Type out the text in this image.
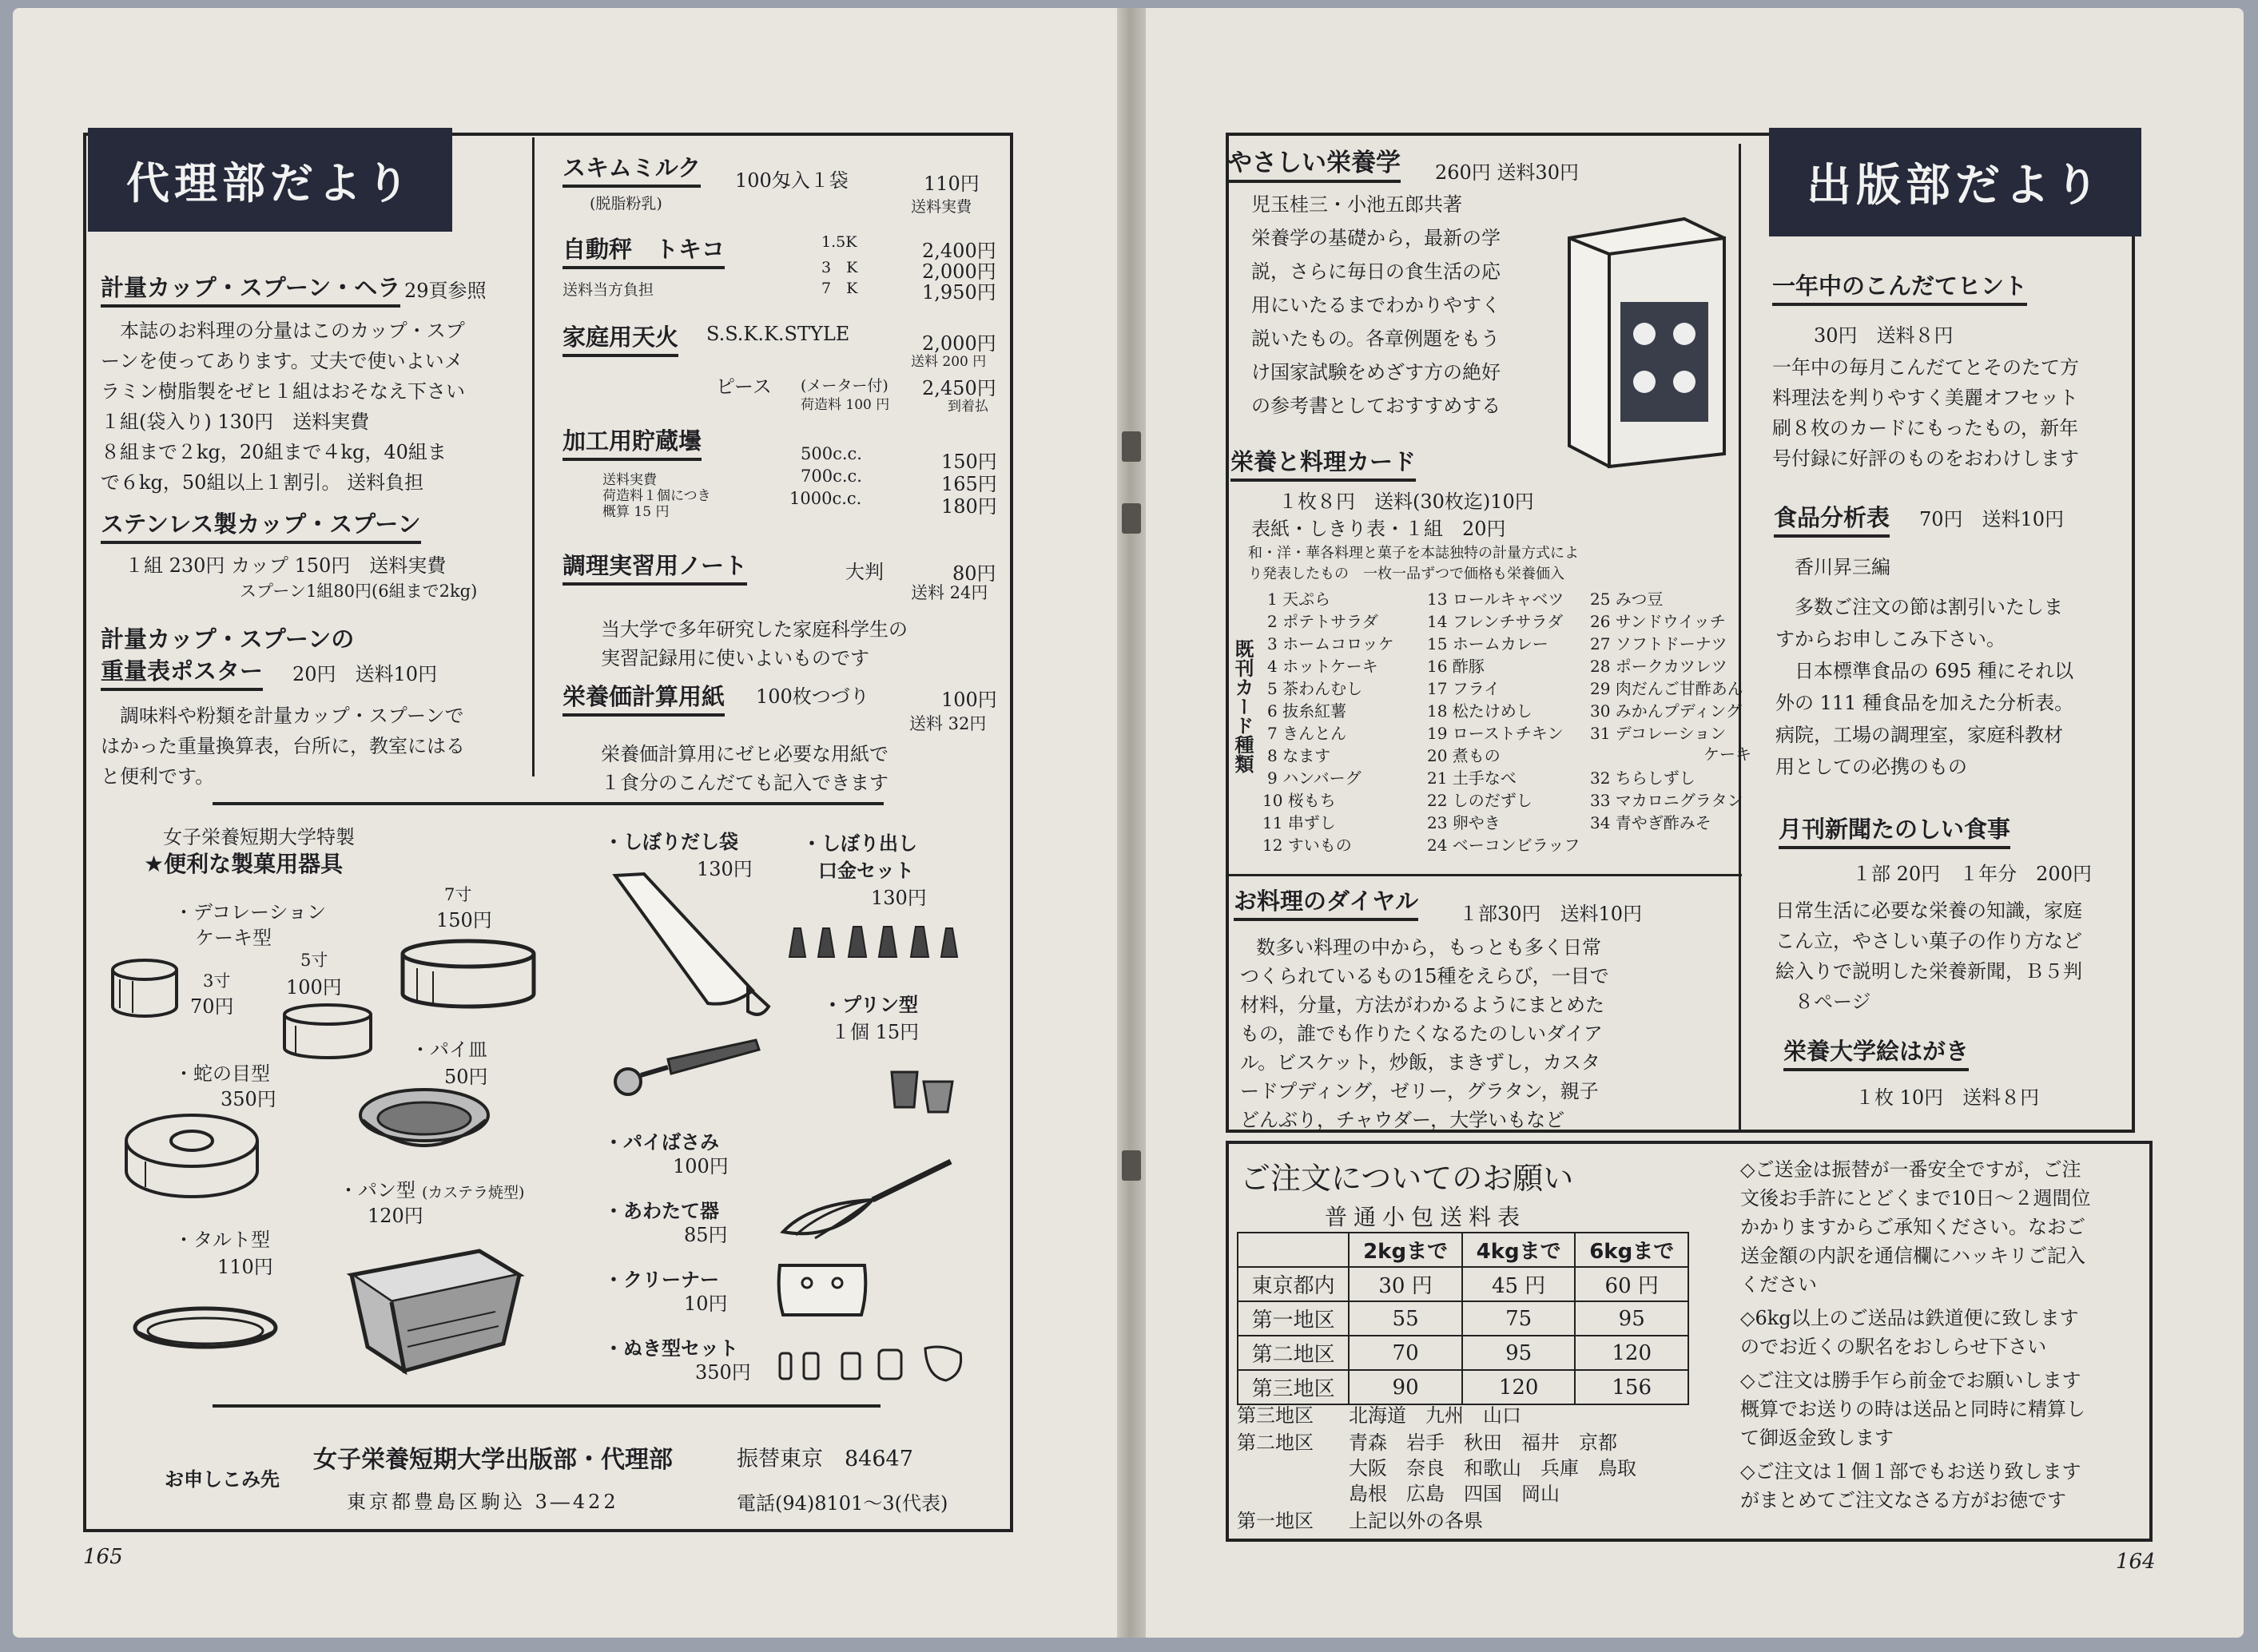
代理部だより
計量カップ・スプーン・ヘラ 29頁参照
本誌のお料理の分量はこのカップ・スプ
ーンを使ってあります。丈夫で使いよいメ
ラミン樹脂製をゼヒ１組はおそなえ下さい
１組(袋入り) 130円　送料実費
８組まで２kg，20組まで４kg，40組ま
で６kg，50組以上１割引。 送料負担
ステンレス製カップ・スプーン
１組 230円 カップ 150円　送料実費
スプーン1組80円(6組まで2kg)
計量カップ・スプーンの
重量表ポスター 20円　送料10円
調味料や粉類を計量カップ・スプーンで
はかった重量換算表，台所に，教室にはる
と便利です。
スキムミルク
(脱脂粉乳)
100匁入１袋	110円
送料実費
自動秤　トキコ
送料当方負担
1.5K	2,400円
3　K	2,000円
7　K	1,950円
家庭用天火 S.S.K.K.STYLE	2,000円
送料 200 円
ピース (メーター付) 2,450円
荷造料 100 円	到着払
加工用貯蔵壜
送料実費
荷造料１個につき
概算 15 円
500c.c.	150円
700c.c.	165円
1000c.c.	180円
調理実習用ノート	大判	80円
送料 24円
当大学で多年研究した家庭科学生の
実習記録用に使いよいものです
栄養価計算用紙 100枚つづり	100円
送料 32円
栄養価計算用にゼヒ必要な用紙で
１食分のこんだても記入できます
女子栄養短期大学特製
★便利な製菓用器具
・デコレーション
ケーキ型
7寸
150円
5寸
100円
3寸
70円
・蛇の目型
350円
・パイ皿
50円
・パン型 (カステラ焼型)
120円
・タルト型
110円
・しぼりだし袋
130円
・しぼり出し
口金セット
130円
・プリン型
１個 15円
・パイばさみ
100円
・あわたて器
85円
・クリーナー
10円
・ぬき型セット
350円
お申しこみ先
女子栄養短期大学出版部・代理部	振替東京　84647
東京都豊島区駒込 3―422	電話(94)8101～3(代表)
165
出版部だより
やさしい栄養学 260円 送料30円
児玉桂三・小池五郎共著
栄養学の基礎から，最新の学
説，さらに毎日の食生活の応
用にいたるまでわかりやすく
説いたもの。各章例題をもう
け国家試験をめざす方の絶好
の参考書としておすすめする
栄養と料理カード
１枚８円　送料(30枚迄)10円
表紙・しきり表・１組　20円
和・洋・華各料理と菓子を本誌独特の計量方式によ
り発表したもの　一枚一品ずつで価格も栄養価入
既刊カード種類
1 天ぷら
2 ポテトサラダ
3 ホームコロッケ
4 ホットケーキ
5 茶わんむし
6 抜糸紅薯
7 きんとん
8 なます
9 ハンバーグ
10 桜もち
11 串ずし
12 すいもの
13 ロールキャベツ
14 フレンチサラダ
15 ホームカレー
16 酢豚
17 フライ
18 松たけめし
19 ローストチキン
20 煮もの
21 土手なべ
22 しのだずし
23 卵やき
24 ベーコンビラッフ
25 みつ豆
26 サンドウイッチ
27 ソフトドーナツ
28 ポークカツレツ
29 肉だんご甘酢あん
30 みかんプディング
31 デコレーション
ケーキ
32 ちらしずし
33 マカロニグラタン
34 青やぎ酢みそ
お料理のダイヤル １部30円　送料10円
数多い料理の中から，もっとも多く日常
つくられているもの15種をえらび，一目で
材料，分量，方法がわかるようにまとめた
もの，誰でも作りたくなるたのしいダイア
ル。ビスケット，炒飯，まきずし，カスタ
ードプディング，ゼリー，グラタン，親子
どんぶり，チャウダー，大学いもなど
一年中のこんだてヒント
30円　送料８円
一年中の毎月こんだてとそのたて方
料理法を判りやすく美麗オフセット
刷８枚のカードにもったもの，新年
号付録に好評のものをおわけします
食品分析表 70円　送料10円
香川昇三編
多数ご注文の節は割引いたしま
すからお申しこみ下さい。
日本標準食品の 695 種にそれ以
外の 111 種食品を加えた分析表。
病院，工場の調理室，家庭科教材
用としての必携のもの
月刊新聞たのしい食事
１部 20円　１年分　200円
日常生活に必要な栄養の知識，家庭
こん立，やさしい菓子の作り方など
絵入りで説明した栄養新聞，Ｂ５判
８ページ
栄養大学絵はがき
１枚 10円　送料８円
ご注文についてのお願い
普通小包送料表
	2kgまで	4kgまで	6kgまで
東京都内	30 円	45 円	60 円
第一地区	55	75	95
第二地区	70	95	120
第三地区	90	120	156
第三地区 北海道　九州　山口
第二地区 青森　岩手　秋田　福井　京都
大阪　奈良　和歌山　兵庫　鳥取
島根　広島　四国　岡山
第一地区 上記以外の各県
◇ご送金は振替が一番安全ですが，ご注
文後お手許にとどくまで10日～２週間位
かかりますからご承知ください。なおご
送金額の内訳を通信欄にハッキリご記入
ください
◇6kg以上のご送品は鉄道便に致します
のでお近くの駅名をおしらせ下さい
◇ご注文は勝手乍ら前金でお願いします
概算でお送りの時は送品と同時に精算し
て御返金致します
◇ご注文は１個１部でもお送り致します
がまとめてご注文なさる方がお徳です
164
